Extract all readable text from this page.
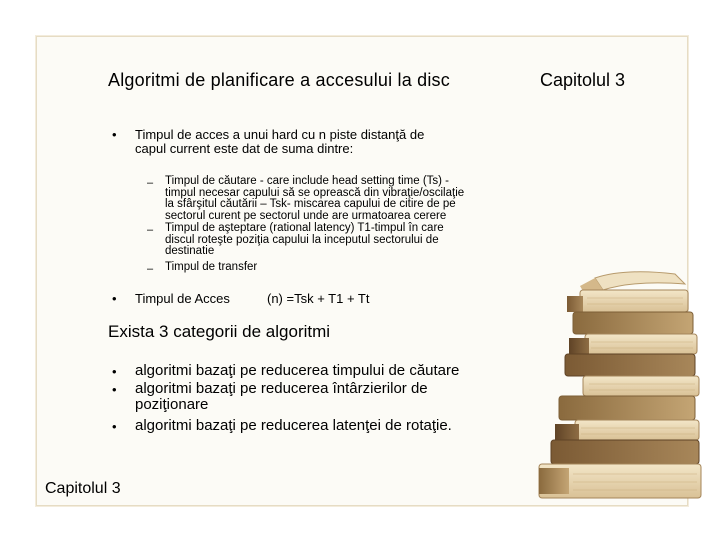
Algoritmi de planificare a accesului la disc	Capitolul 3
• Timpul de acces a unui hard cu n piste distanţă de
capul current este dat de suma dintre:
– Timpul de căutare - care include head setting time (Ts) -
timpul necesar capului să se oprească din vibraţie/oscilaţie
la sfârşitul căutării – Tsk- miscarea capului de citire de pe
sectorul curent pe sectorul unde are urmatoarea cerere
– Timpul de aşteptare (rational latency) T1-timpul în care
discul roteşte poziţia capului la inceputul sectorului de
destinatie
– Timpul de transfer
• Timpul de Acces	(n) =Tsk + T1 + Tt
Exista 3 categorii de algoritmi
• algoritmi bazaţi pe reducerea timpului de căutare
• algoritmi bazaţi pe reducerea întârzierilor de
poziţionare
• algoritmi bazaţi pe reducerea latenţei de rotaţie.
Capitolul 3
